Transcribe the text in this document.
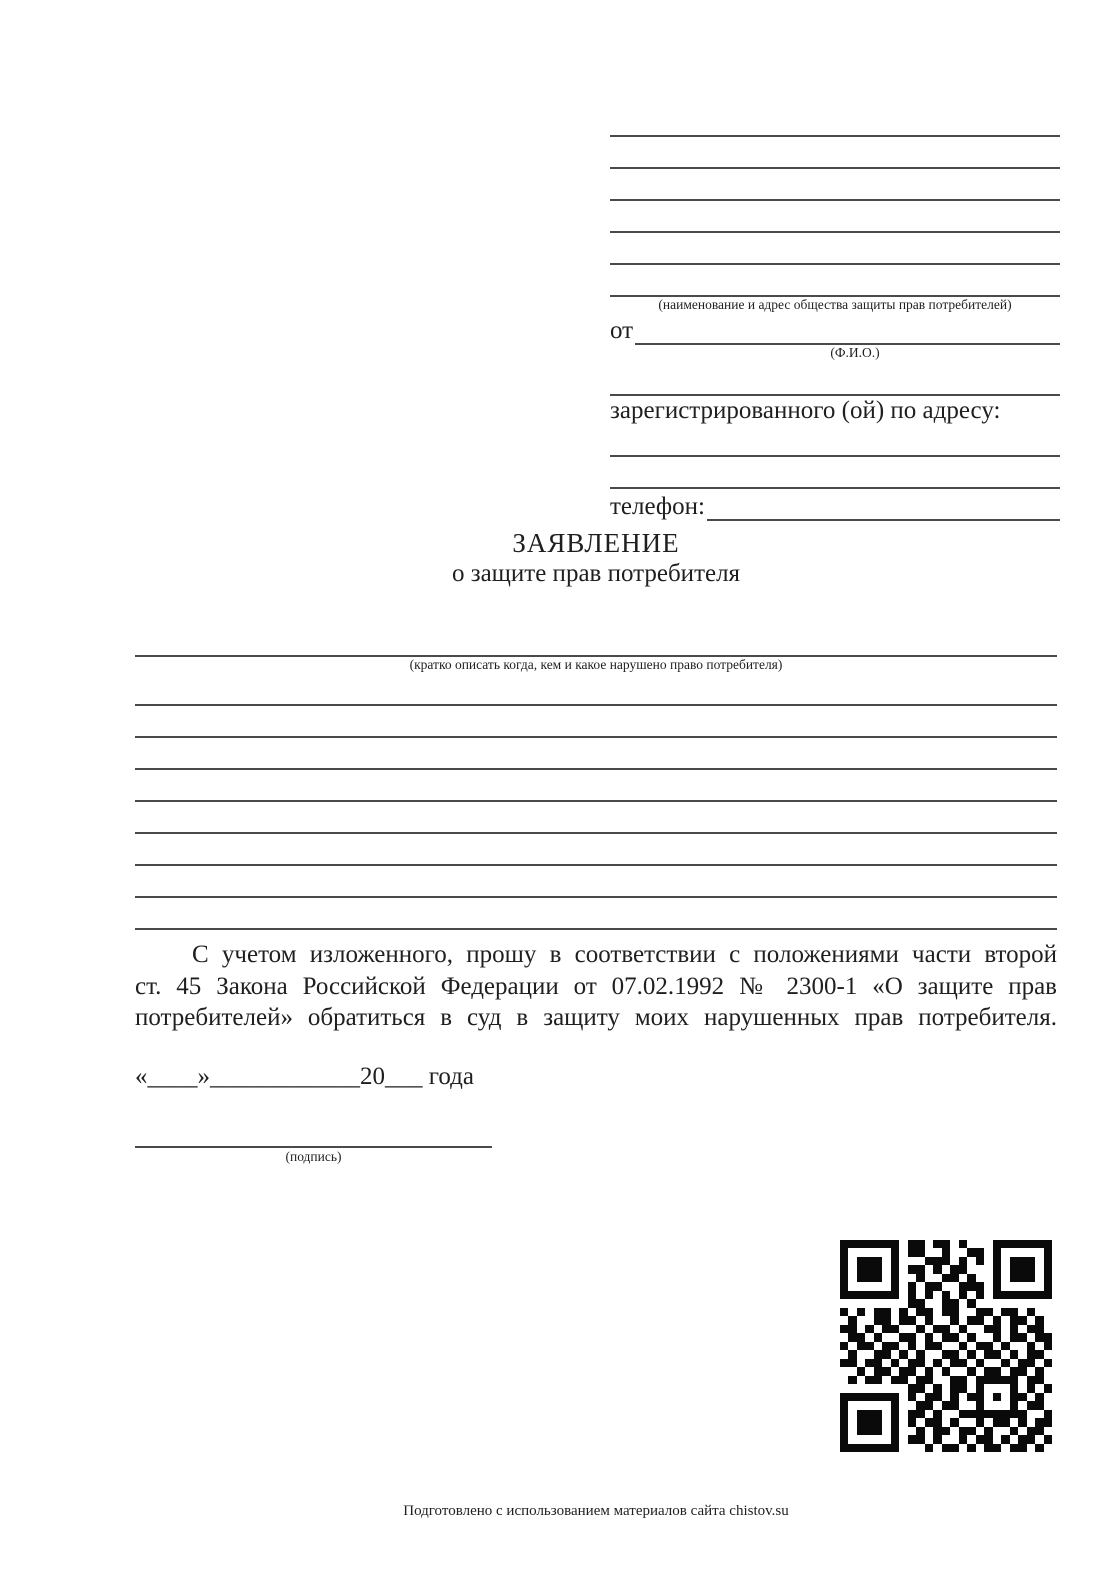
(наименование и адрес общества защиты прав потребителей)
от
(Ф.И.О.)
зарегистрированного (ой) по адресу:
телефон:
ЗАЯВЛЕНИЕ
о защите прав потребителя
(кратко описать когда, кем и какое нарушено право потребителя)
С учетом изложенного, прошу в соответствии с положениями части второй
ст. 45 Закона Российской Федерации от 07.02.1992 № 2300-1 «О защите прав
потребителей» обратиться в суд в защиту моих нарушенных прав потребителя.
«____»____________20___ года
(подпись)
Подготовлено с использованием материалов сайта chistov.su
